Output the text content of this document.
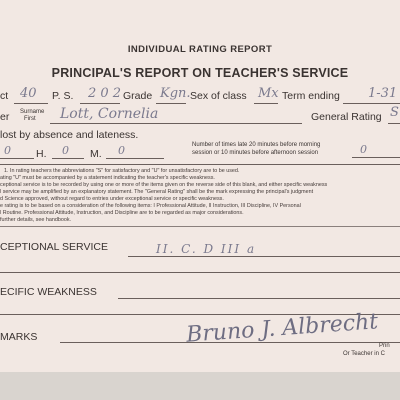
INDIVIDUAL RATING REPORT
PRINCIPAL'S REPORT ON TEACHER'S SERVICE
ct 40 P. S. 2 0 2 Grade Kgn. Sex of class Mx Term ending 1-31
er Surname
First Lott, Cornelia	General Rating S
lost by absence and lateness.
0 H. 0 M. 0	Number of times late 20 minutes before morning
session or 10 minutes before afternoon session	0
1. In rating teachers the abbreviations "S" for satisfactory and "U" for unsatisfactory are to be used.
ating "U" must be accompanied by a statement indicating the teacher's specific weakness.
ceptional service is to be recorded by using one or more of the items given on the reverse side of this blank, and either specific weakness
l service may be amplified by an explanatory statement. The "General Rating" shall be the mark expressing the principal's judgment
d Science approved, without regard to entries under exceptional service or specific weakness.
e rating is to be based on a consideration of the following items: I Professional Attitude, II Instruction, III Discipline, IV Personal
l Routine. Professional Attitude, Instruction, and Discipline are to be regarded as major considerations.
further details, see handbook.
CEPTIONAL SERVICE	II. C. D III a
ECIFIC WEAKNESS
MARKS	Bruno J. Albrecht Prin
Or Teacher in C
